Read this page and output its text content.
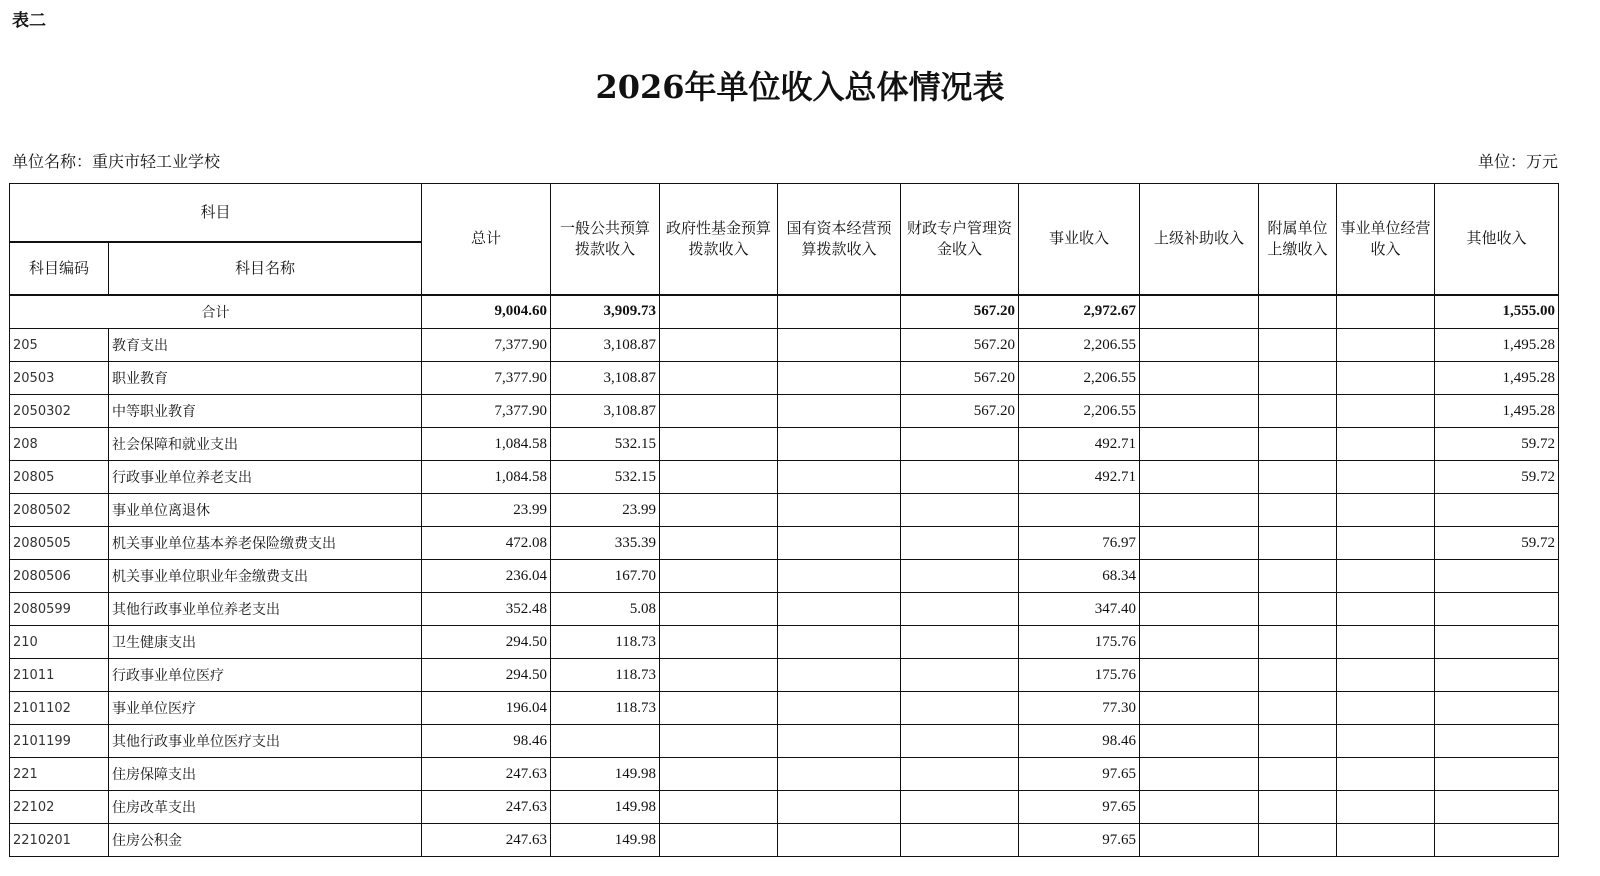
表二
2026年单位收入总体情况表
单位名称：重庆市轻工业学校	单位：万元
科目		总计	一般公共预算拨款收入	政府性基金预算拨款收入	国有资本经营预算拨款收入	财政专户管理资金收入	事业收入	上级补助收入	附属单位上缴收入	事业单位经营收入	其他收入
科目编码	科目名称										
合计		9,004.60	3,909.73			567.20	2,972.67				1,555.00
205	教育支出	7,377.90	3,108.87			567.20	2,206.55				1,495.28
20503	职业教育	7,377.90	3,108.87			567.20	2,206.55				1,495.28
2050302	中等职业教育	7,377.90	3,108.87			567.20	2,206.55				1,495.28
208	社会保障和就业支出	1,084.58	532.15				492.71				59.72
20805	行政事业单位养老支出	1,084.58	532.15				492.71				59.72
2080502	事业单位离退休	23.99	23.99								
2080505	机关事业单位基本养老保险缴费支出	472.08	335.39				76.97				59.72
2080506	机关事业单位职业年金缴费支出	236.04	167.70				68.34				
2080599	其他行政事业单位养老支出	352.48	5.08				347.40				
210	卫生健康支出	294.50	118.73				175.76				
21011	行政事业单位医疗	294.50	118.73				175.76				
2101102	事业单位医疗	196.04	118.73				77.30				
2101199	其他行政事业单位医疗支出	98.46					98.46				
221	住房保障支出	247.63	149.98				97.65				
22102	住房改革支出	247.63	149.98				97.65				
2210201	住房公积金	247.63	149.98				97.65				
